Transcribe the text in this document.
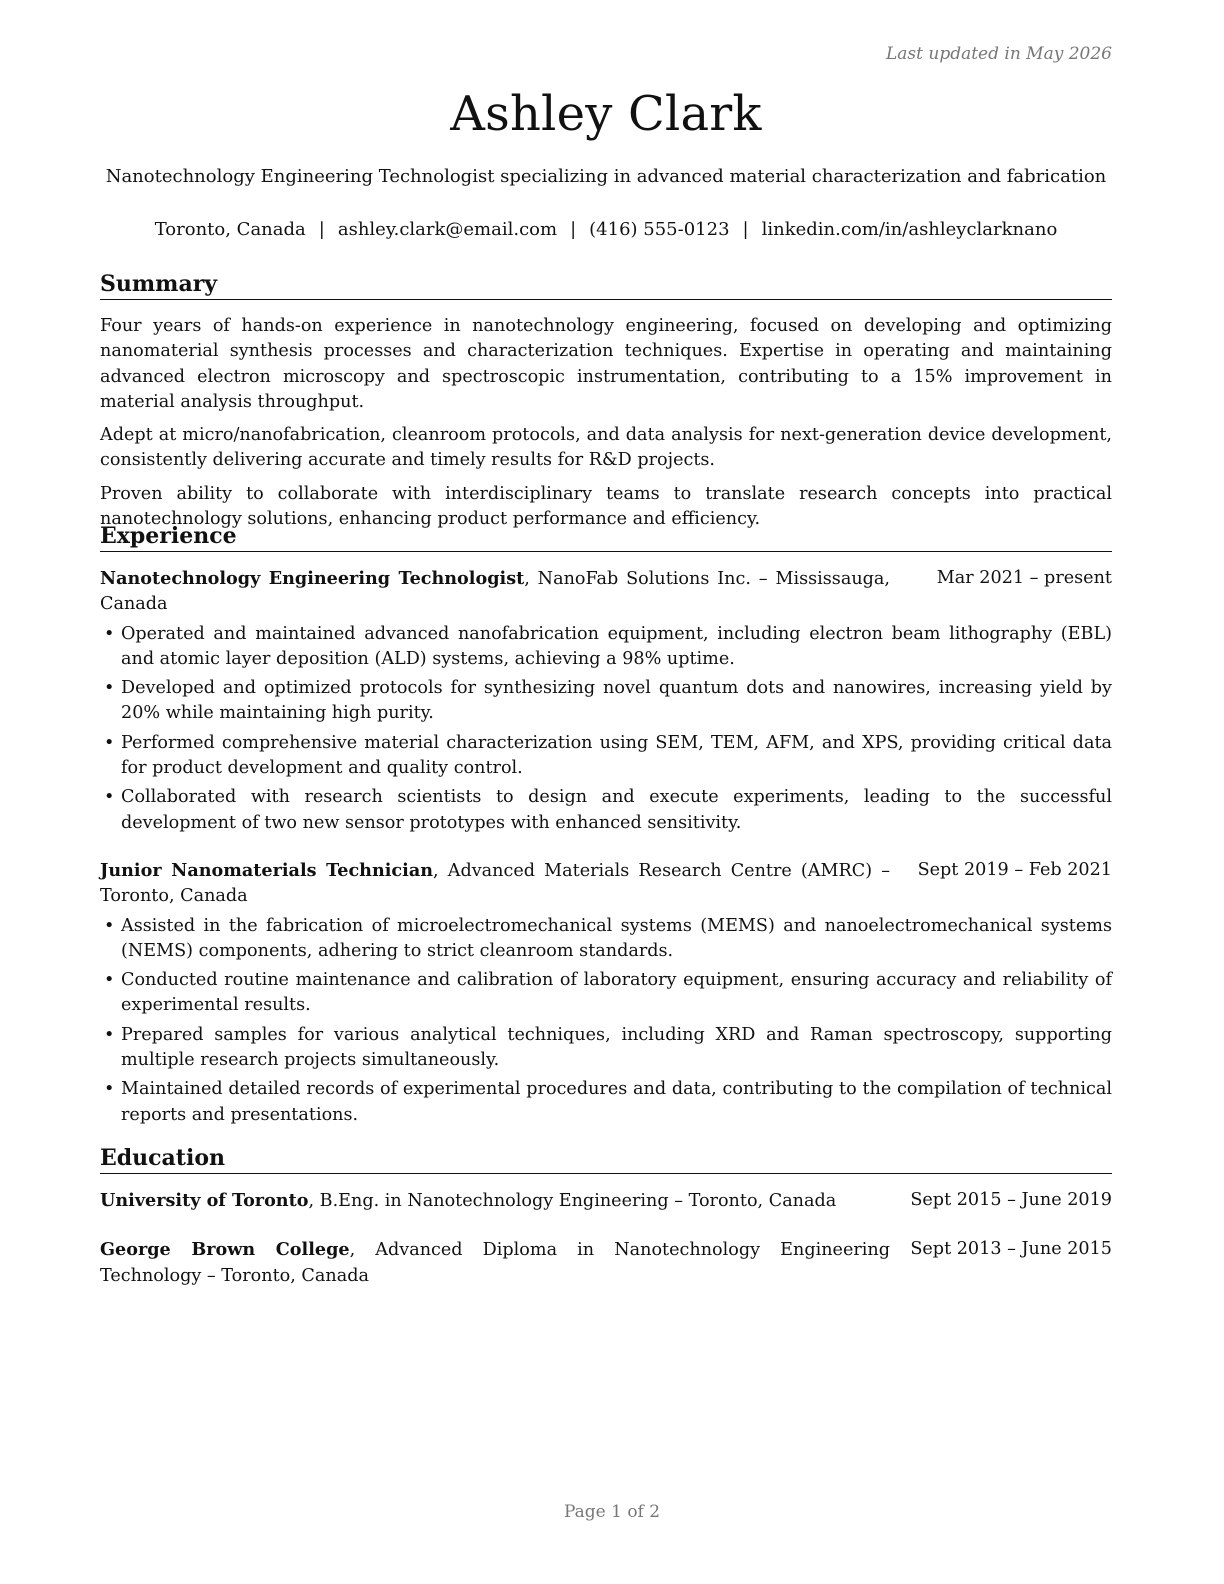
Last updated in May 2026
Ashley Clark
Nanotechnology Engineering Technologist specializing in advanced material characterization and fabrication
Toronto, Canada | ashley.clark@email.com | (416) 555-0123 | linkedin.com/in/ashleyclarknano
Summary

Four years of hands-on experience in nanotechnology engineering, focused on developing and optimizing nanomaterial synthesis processes and characterization techniques. Expertise in operating and maintaining advanced electron microscopy and spectroscopic instrumentation, contributing to a 15% improvement in material analysis throughput.

Adept at micro/nanofabrication, cleanroom protocols, and data analysis for next-generation device development, consistently delivering accurate and timely results for R&D projects.

Proven ability to collaborate with interdisciplinary teams to translate research concepts into practical nanotechnology solutions, enhancing product performance and efficiency.

Experience
Nanotechnology Engineering Technologist, NanoFab Solutions Inc. – Mississauga, Canada
Mar 2021 – present
• Operated and maintained advanced nanofabrication equipment, including electron beam lithography (EBL) and atomic layer deposition (ALD) systems, achieving a 98% uptime.
• Developed and optimized protocols for synthesizing novel quantum dots and nanowires, increasing yield by 20% while maintaining high purity.
• Performed comprehensive material characterization using SEM, TEM, AFM, and XPS, providing critical data for product development and quality control.
• Collaborated with research scientists to design and execute experiments, leading to the successful development of two new sensor prototypes with enhanced sensitivity.
Junior Nanomaterials Technician, Advanced Materials Research Centre (AMRC) – Toronto, Canada
Sept 2019 – Feb 2021
• Assisted in the fabrication of microelectromechanical systems (MEMS) and nanoelectromechanical systems (NEMS) components, adhering to strict cleanroom standards.
• Conducted routine maintenance and calibration of laboratory equipment, ensuring accuracy and reliability of experimental results.
• Prepared samples for various analytical techniques, including XRD and Raman spectroscopy, supporting multiple research projects simultaneously.
• Maintained detailed records of experimental procedures and data, contributing to the compilation of technical reports and presentations.
Education
University of Toronto, B.Eng. in Nanotechnology Engineering – Toronto, Canada	Sept 2015 – June 2019
George Brown College, Advanced Diploma in Nanotechnology Engineering Technology – Toronto, Canada
Sept 2013 – June 2015
Page 1 of 2
